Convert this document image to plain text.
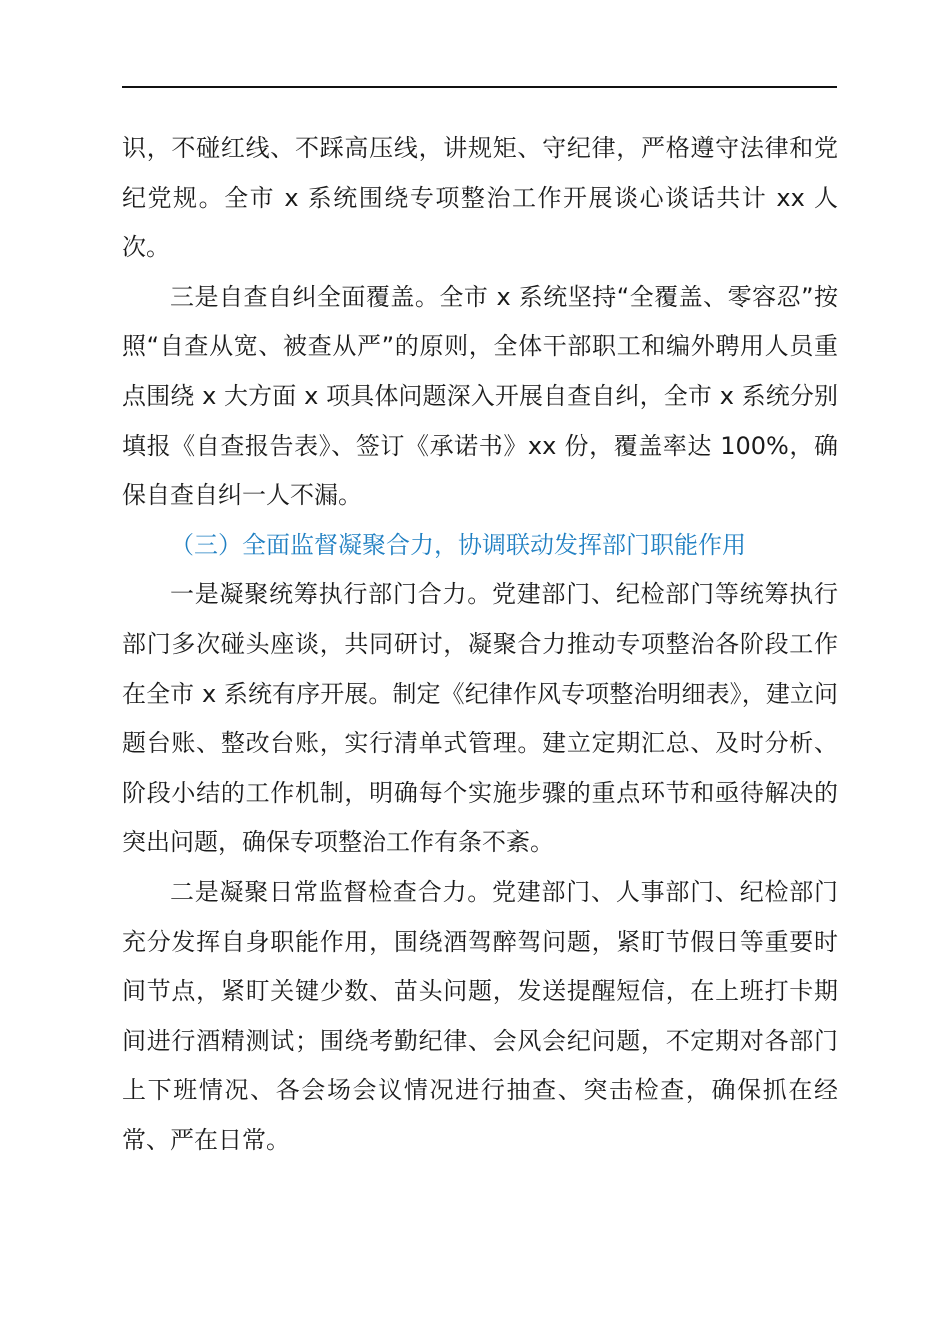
识，不碰红线、不踩高压线，讲规矩、守纪律，严格遵守法律和党纪党规。全市 x 系统围绕专项整治工作开展谈心谈话共计 xx 人次。

三是自查自纠全面覆盖。全市 x 系统坚持“全覆盖、零容忍”按照“自查从宽、被查从严”的原则，全体干部职工和编外聘用人员重点围绕 x 大方面 x 项具体问题深入开展自查自纠，全市 x 系统分别填报《自查报告表》、签订《承诺书》xx 份，覆盖率达 100%，确保自查自纠一人不漏。

（三）全面监督凝聚合力，协调联动发挥部门职能作用

一是凝聚统筹执行部门合力。党建部门、纪检部门等统筹执行部门多次碰头座谈，共同研讨，凝聚合力推动专项整治各阶段工作在全市 x 系统有序开展。制定《纪律作风专项整治明细表》，建立问题台账、整改台账，实行清单式管理。建立定期汇总、及时分析、阶段小结的工作机制，明确每个实施步骤的重点环节和亟待解决的突出问题，确保专项整治工作有条不紊。

二是凝聚日常监督检查合力。党建部门、人事部门、纪检部门充分发挥自身职能作用，围绕酒驾醉驾问题，紧盯节假日等重要时间节点，紧盯关键少数、苗头问题，发送提醒短信，在上班打卡期间进行酒精测试；围绕考勤纪律、会风会纪问题，不定期对各部门上下班情况、各会场会议情况进行抽查、突击检查，确保抓在经常、严在日常。
